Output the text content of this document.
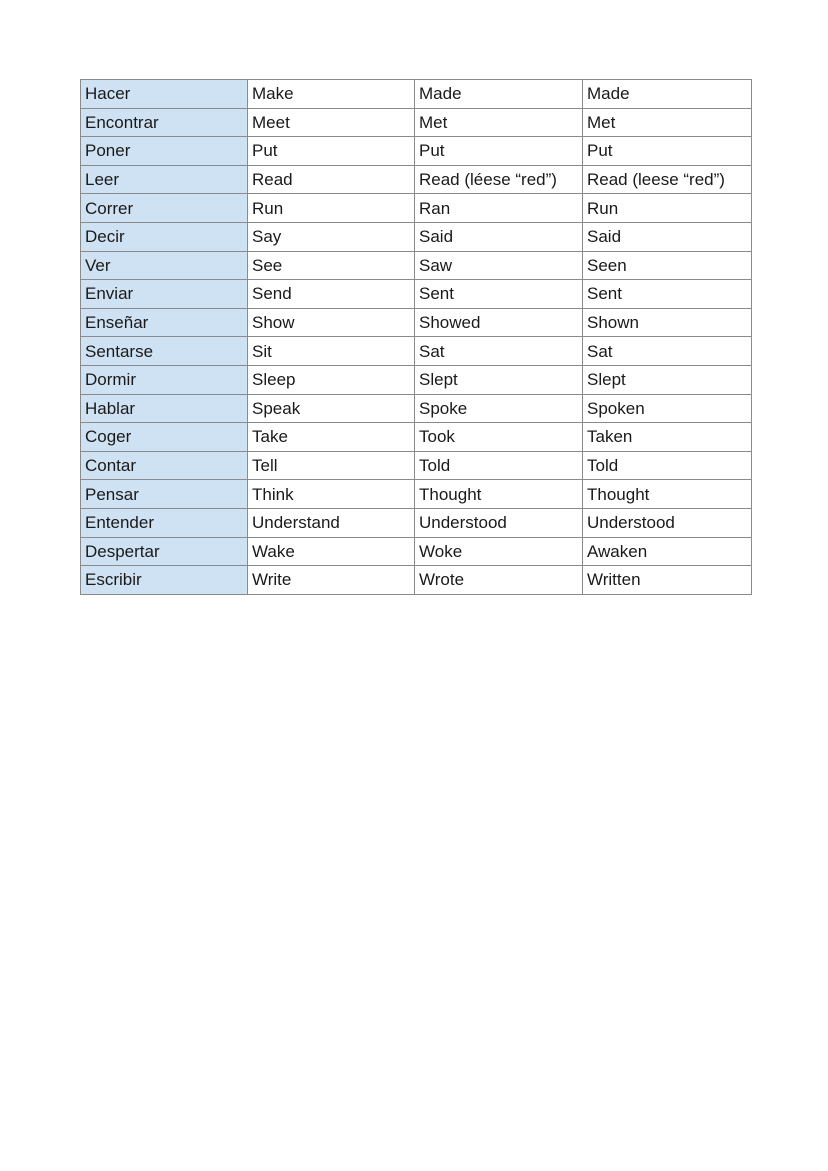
Hacer	Make	Made	Made
Encontrar	Meet	Met	Met
Poner	Put	Put	Put
Leer	Read	Read (léese “red”)	Read (leese “red”)
Correr	Run	Ran	Run
Decir	Say	Said	Said
Ver	See	Saw	Seen
Enviar	Send	Sent	Sent
Enseñar	Show	Showed	Shown
Sentarse	Sit	Sat	Sat
Dormir	Sleep	Slept	Slept
Hablar	Speak	Spoke	Spoken
Coger	Take	Took	Taken
Contar	Tell	Told	Told
Pensar	Think	Thought	Thought
Entender	Understand	Understood	Understood
Despertar	Wake	Woke	Awaken
Escribir	Write	Wrote	Written
